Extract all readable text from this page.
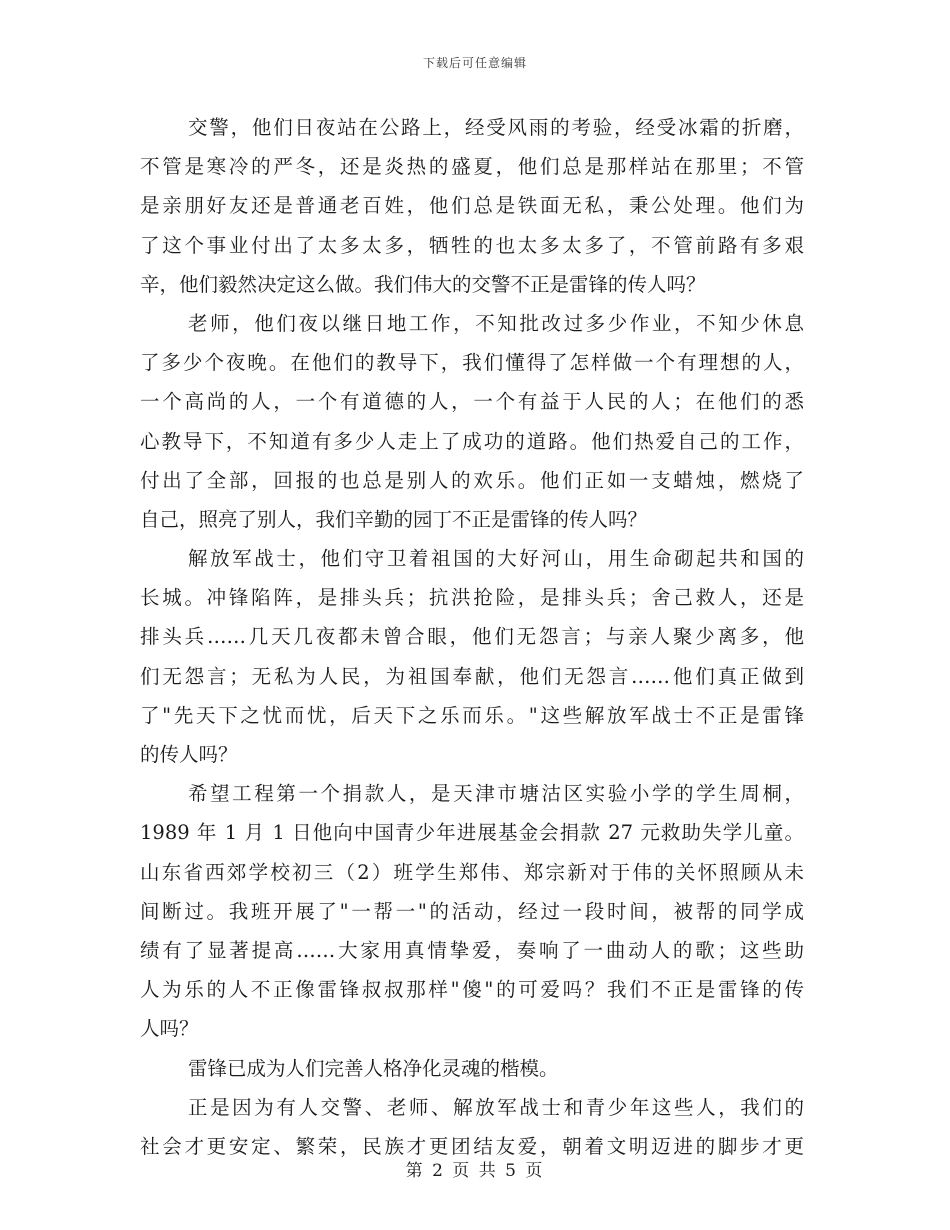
下载后可任意编辑
交警，他们日夜站在公路上，经受风雨的考验，经受冰霜的折磨，
不管是寒冷的严冬，还是炎热的盛夏，他们总是那样站在那里；不管
是亲朋好友还是普通老百姓，他们总是铁面无私，秉公处理。他们为
了这个事业付出了太多太多，牺牲的也太多太多了，不管前路有多艰
辛，他们毅然决定这么做。我们伟大的交警不正是雷锋的传人吗？
老师，他们夜以继日地工作，不知批改过多少作业，不知少休息
了多少个夜晚。在他们的教导下，我们懂得了怎样做一个有理想的人，
一个高尚的人，一个有道德的人，一个有益于人民的人；在他们的悉
心教导下，不知道有多少人走上了成功的道路。他们热爱自己的工作，
付出了全部，回报的也总是别人的欢乐。他们正如一支蜡烛，燃烧了
自己，照亮了别人，我们辛勤的园丁不正是雷锋的传人吗？
解放军战士，他们守卫着祖国的大好河山，用生命砌起共和国的
长城。冲锋陷阵，是排头兵；抗洪抢险，是排头兵；舍己救人，还是
排头兵……几天几夜都未曾合眼，他们无怨言；与亲人聚少离多，他
们无怨言；无私为人民，为祖国奉献，他们无怨言……他们真正做到
了"先天下之忧而忧，后天下之乐而乐。"这些解放军战士不正是雷锋
的传人吗？
希望工程第一个捐款人，是天津市塘沽区实验小学的学生周桐，
1989 年 1 月 1 日他向中国青少年进展基金会捐款 27 元救助失学儿童。
山东省西郊学校初三（2）班学生郑伟、郑宗新对于伟的关怀照顾从未
间断过。我班开展了"一帮一"的活动，经过一段时间，被帮的同学成
绩有了显著提高……大家用真情挚爱，奏响了一曲动人的歌；这些助
人为乐的人不正像雷锋叔叔那样"傻"的可爱吗？我们不正是雷锋的传
人吗？
雷锋已成为人们完善人格净化灵魂的楷模。
正是因为有人交警、老师、解放军战士和青少年这些人，我们的
社会才更安定、繁荣，民族才更团结友爱，朝着文明迈进的脚步才更
第 2 页 共 5 页
